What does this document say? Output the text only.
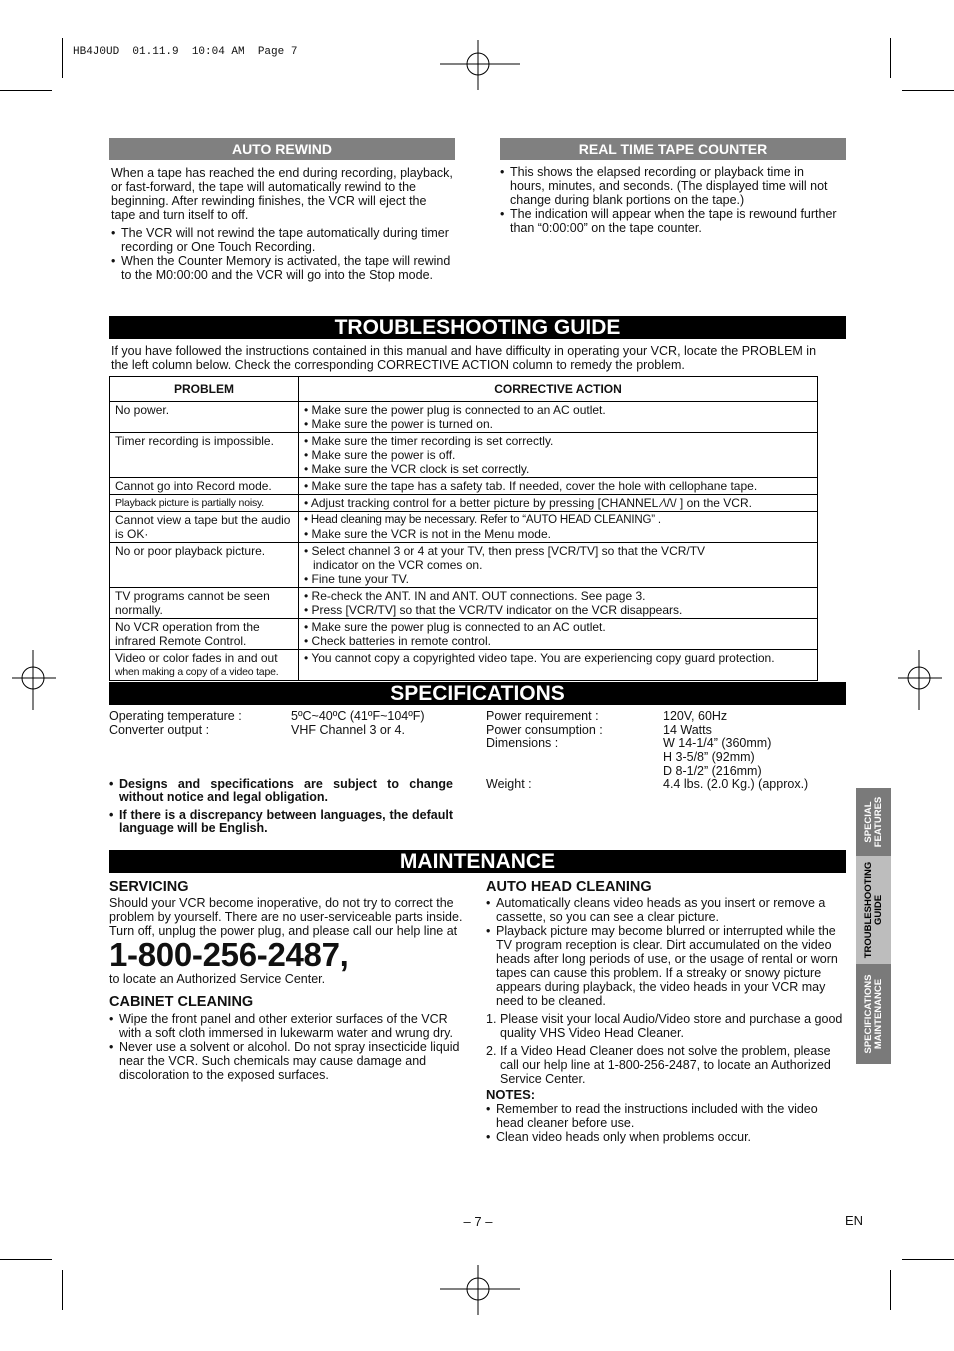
HB4J0UD  01.11.9  10:04 AM  Page 7
AUTO REWIND
When a tape has reached the end during recording, playback, or fast-forward, the tape will automatically rewind to the beginning. After rewinding finishes, the VCR will eject the tape and turn itself to off.
• The VCR will not rewind the tape automatically during timer recording or One Touch Recording.
• When the Counter Memory is activated, the tape will rewind to the M0:00:00 and the VCR will go into the Stop mode.
REAL TIME TAPE COUNTER
• This shows the elapsed recording or playback time in hours, minutes, and seconds. (The displayed time will not change during blank portions on the tape.)
• The indication will appear when the tape is rewound further than “0:00:00” on the tape counter.
TROUBLESHOOTING GUIDE
If you have followed the instructions contained in this manual and have difficulty in operating your VCR, locate the PROBLEM in the left column below. Check the corresponding CORRECTIVE ACTION column to remedy the problem.
PROBLEM	CORRECTIVE ACTION
No power.	• Make sure the power plug is connected to an AC outlet.
• Make sure the power is turned on.

Timer recording is impossible.	• Make sure the timer recording is set correctly.
• Make sure the power is off.
• Make sure the VCR clock is set correctly.

Cannot go into Record mode.	• Make sure the tape has a safety tab. If needed, cover the hole with cellophane tape.

Playback picture is partially noisy.	• Adjust tracking control for a better picture by pressing [CHANNEL ⁄\/\/ ] on the VCR.

Cannot view a tape but the audio is OK·	• Head cleaning may be necessary. Refer to “AUTO HEAD CLEANING” .
• Make sure the VCR is not in the Menu mode.

No or poor playback picture.	• Select channel 3 or 4 at your TV, then press [VCR/TV] so that the VCR/TV
indicator on the VCR comes on.
• Fine tune your TV.

TV programs cannot be seen normally.	• Re-check the ANT. IN and ANT. OUT connections. See page 3.
• Press [VCR/TV] so that the VCR/TV indicator on the VCR disappears.

No VCR operation from the infrared Remote Control.	• Make sure the power plug is connected to an AC outlet.
• Check batteries in remote control.

Video or color fades in and out
when making a copy of a video tape.	• You cannot copy a copyrighted video tape. You are experiencing copy guard protection.
SPECIFICATIONS
Operating temperature :	5ºC~40ºC (41ºF~104ºF)
Converter output :	VHF Channel 3 or 4.
Power requirement :	120V, 60Hz
Power consumption :	14 Watts
Dimensions :	W 14-1/4” (360mm)
H 3-5/8” (92mm)
D 8-1/2” (216mm)
Weight :	4.4 lbs. (2.0 Kg.) (approx.)
• Designs and specifications are subject to change without notice and legal obligation.
• If there is a discrepancy between languages, the default language will be English.
MAINTENANCE
SERVICING
Should your VCR become inoperative, do not try to correct the problem by yourself. There are no user-serviceable parts inside. Turn off, unplug the power plug, and please call our help line at
1-800-256-2487,
to locate an Authorized Service Center.
CABINET CLEANING
• Wipe the front panel and other exterior surfaces of the VCR with a soft cloth immersed in lukewarm water and wrung dry.
• Never use a solvent or alcohol. Do not spray insecticide liquid near the VCR. Such chemicals may cause damage and discoloration to the exposed surfaces.
AUTO HEAD CLEANING
• Automatically cleans video heads as you insert or remove a cassette, so you can see a clear picture.
• Playback picture may become blurred or interrupted while the TV program reception is clear. Dirt accumulated on the video heads after long periods of use, or the usage of rental or worn tapes can cause this problem. If a streaky or snowy picture appears during playback, the video heads in your VCR may need to be cleaned.
1. Please visit your local Audio/Video store and purchase a good quality VHS Video Head Cleaner.
2. If a Video Head Cleaner does not solve the problem, please call our help line at 1-800-256-2487, to locate an Authorized Service Center.
NOTES:
• Remember to read the instructions included with the video head cleaner before use.
• Clean video heads only when problems occur.
SPECIAL FEATURES
TROUBLESHOOTING GUIDE
SPECIFICATIONS MAINTENANCE
– 7 –	EN
